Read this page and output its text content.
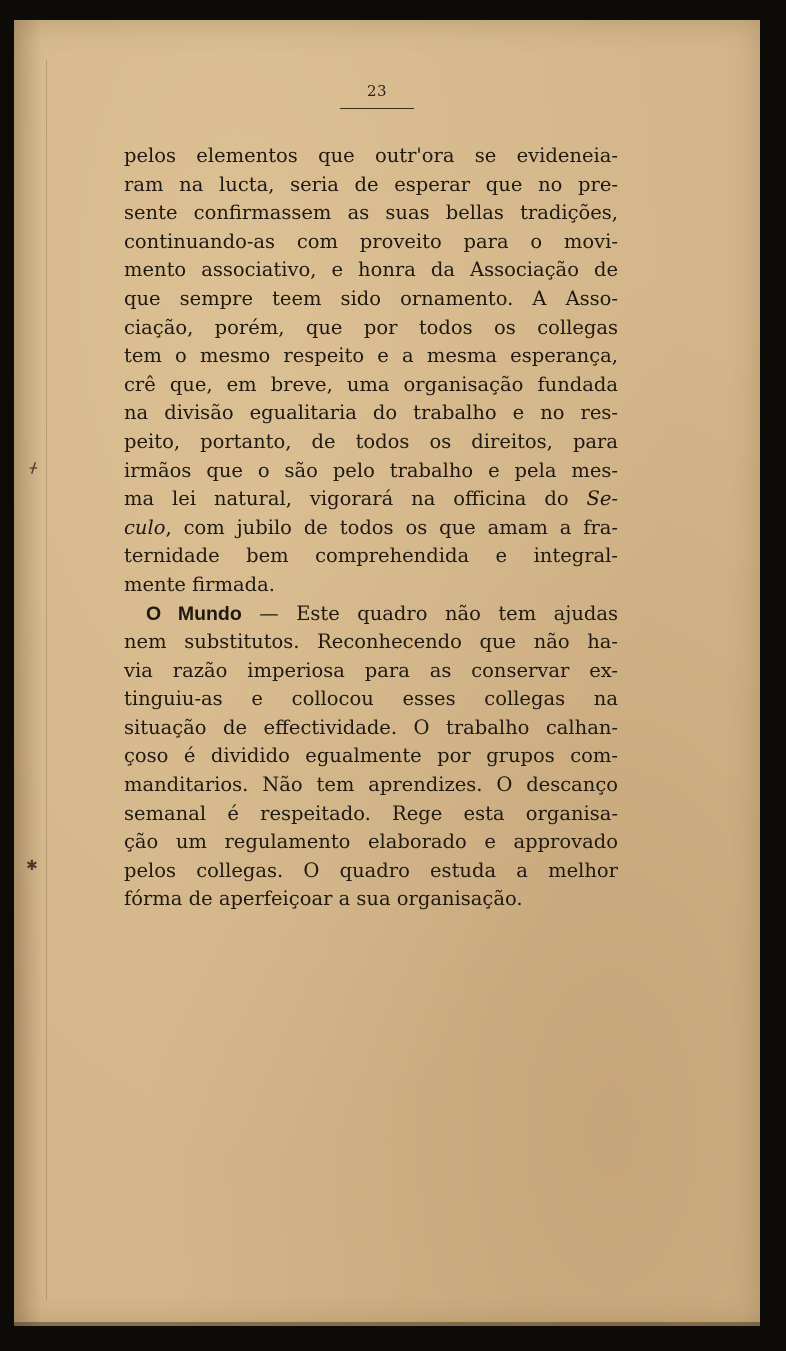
23
ᚋ
✱
pelos elementos que outr'ora se evideneia-
ram na lucta, seria de esperar que no pre-
sente confirmassem as suas bellas tradições,
continuando-as com proveito para o movi-
mento associativo, e honra da Associação de
que sempre teem sido ornamento. A Asso-
ciação, porém, que por todos os collegas
tem o mesmo respeito e a mesma esperança,
crê que, em breve, uma organisação fundada
na divisão egualitaria do trabalho e no res-
peito, portanto, de todos os direitos, para
irmãos que o são pelo trabalho e pela mes-
ma lei natural, vigorará na officina do Se-
culo, com jubilo de todos os que amam a fra-
ternidade bem comprehendida e integral-
mente firmada.
O Mundo — Este quadro não tem ajudas
nem substitutos. Reconhecendo que não ha-
via razão imperiosa para as conservar ex-
tinguiu-as e collocou esses collegas na
situação de effectividade. O trabalho calhan-
çoso é dividido egualmente por grupos com-
manditarios. Não tem aprendizes. O descanço
semanal é respeitado. Rege esta organisa-
ção um regulamento elaborado e approvado
pelos collegas. O quadro estuda a melhor
fórma de aperfeiçoar a sua organisação.
